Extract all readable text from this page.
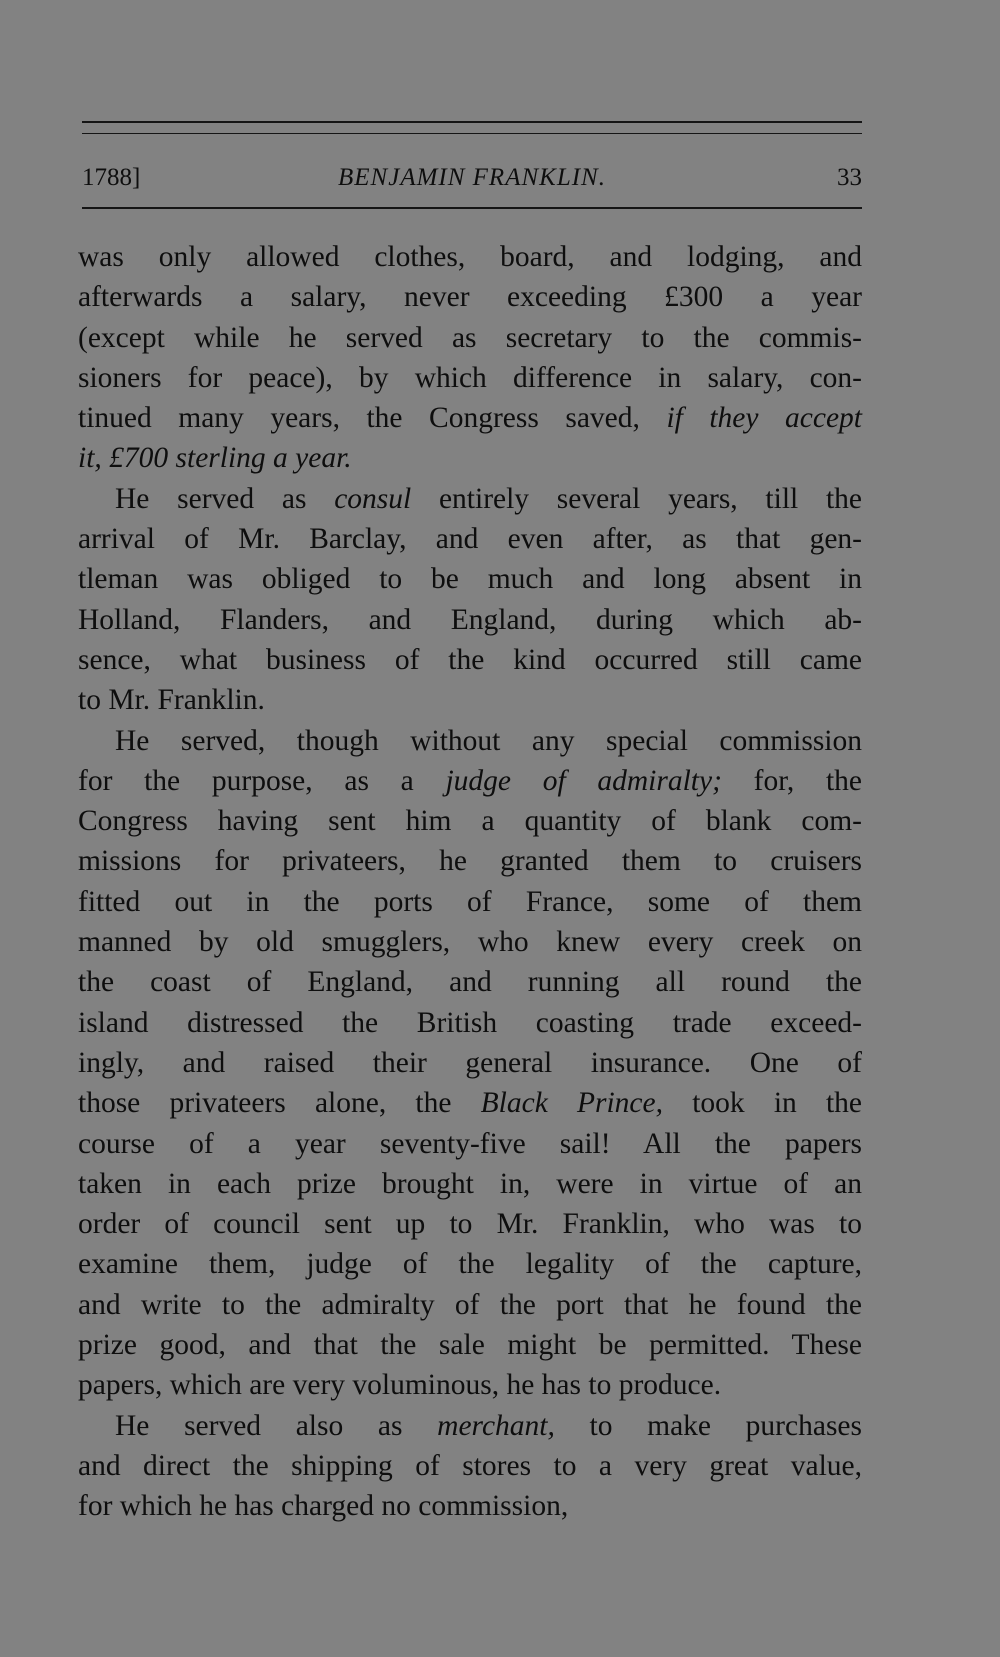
1788]	BENJAMIN FRANKLIN.	33

was only allowed clothes, board, and lodging, and
afterwards a salary, never exceeding £300 a year
(except while he served as secretary to the commis-
sioners for peace), by which difference in salary, con-
tinued many years, the Congress saved, if they accept
it, £700 sterling a year.

He served as consul entirely several years, till the
arrival of Mr. Barclay, and even after, as that gen-
tleman was obliged to be much and long absent in
Holland, Flanders, and England, during which ab-
sence, what business of the kind occurred still came
to Mr. Franklin.

He served, though without any special commission
for the purpose, as a judge of admiralty; for, the
Congress having sent him a quantity of blank com-
missions for privateers, he granted them to cruisers
fitted out in the ports of France, some of them
manned by old smugglers, who knew every creek on
the coast of England, and running all round the
island distressed the British coasting trade exceed-
ingly, and raised their general insurance. One of
those privateers alone, the Black Prince, took in the
course of a year seventy-five sail! All the papers
taken in each prize brought in, were in virtue of an
order of council sent up to Mr. Franklin, who was to
examine them, judge of the legality of the capture,
and write to the admiralty of the port that he found the
prize good, and that the sale might be permitted. These
papers, which are very voluminous, he has to produce.

He served also as merchant, to make purchases
and direct the shipping of stores to a very great value,
for which he has charged no commission,
